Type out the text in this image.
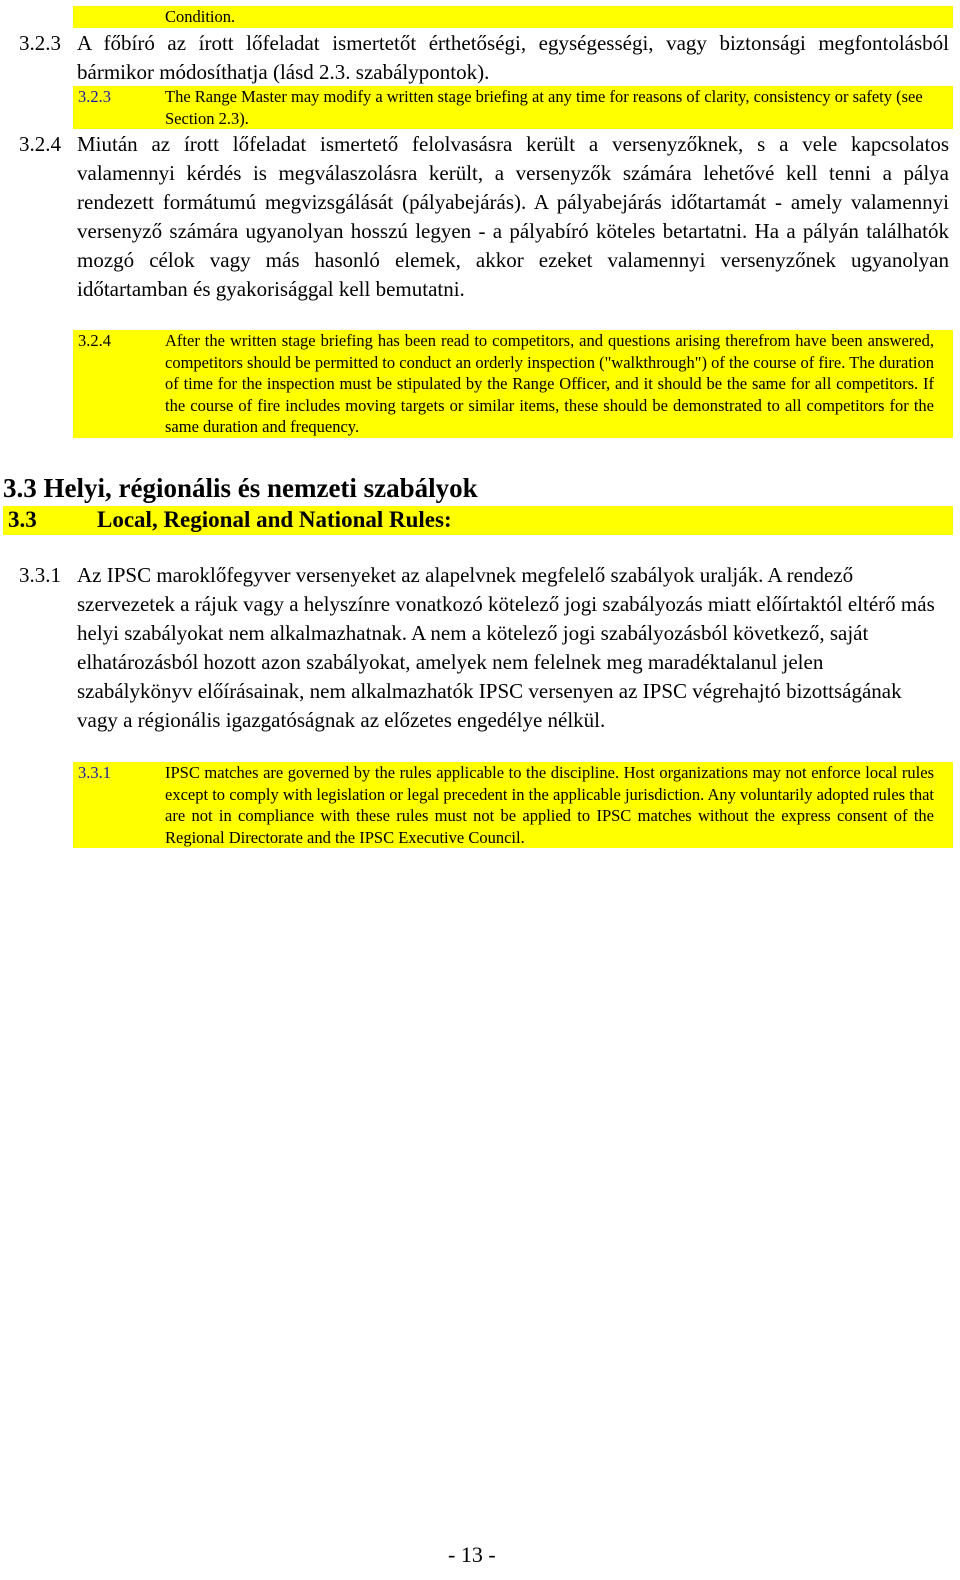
Condition.
3.2.3 A főbíró az írott lőfeladat ismertetőt érthetőségi, egységességi, vagy biztonsági megfontolásból bármikor módosíthatja (lásd 2.3. szabálypontok).
3.2.3	The Range Master may modify a written stage briefing at any time for reasons of clarity, consistency or safety (see Section 2.3).
3.2.4 Miután az írott lőfeladat ismertető felolvasásra került a versenyzőknek, s a vele kapcsolatos valamennyi kérdés is megválaszolásra került, a versenyzők számára lehetővé kell tenni a pálya rendezett formátumú megvizsgálását (pályabejárás). A pályabejárás időtartamát - amely valamennyi versenyző számára ugyanolyan hosszú legyen - a pályabíró köteles betartatni. Ha a pályán találhatók mozgó célok vagy más hasonló elemek, akkor ezeket valamennyi versenyzőnek ugyanolyan időtartamban és gyakorisággal kell bemutatni.
3.2.4	After the written stage briefing has been read to competitors, and questions arising therefrom have been answered, competitors should be permitted to conduct an orderly inspection ("walkthrough") of the course of fire. The duration of time for the inspection must be stipulated by the Range Officer, and it should be the same for all competitors. If the course of fire includes moving targets or similar items, these should be demonstrated to all competitors for the same duration and frequency.
3.3 Helyi, régionális és nemzeti szabályok
3.3	Local, Regional and National Rules:
3.3.1 Az IPSC maroklőfegyver versenyeket az alapelvnek megfelelő szabályok uralják. A rendező szervezetek a rájuk vagy a helyszínre vonatkozó kötelező jogi szabályozás miatt előírtaktól eltérő más helyi szabályokat nem alkalmazhatnak. A nem a kötelező jogi szabályozásból következő, saját elhatározásból hozott azon szabályokat, amelyek nem felelnek meg maradéktalanul jelen szabálykönyv előírásainak, nem alkalmazhatók IPSC versenyen az IPSC végrehajtó bizottságának vagy a régionális igazgatóságnak az előzetes engedélye nélkül.
3.3.1	IPSC matches are governed by the rules applicable to the discipline. Host organizations may not enforce local rules except to comply with legislation or legal precedent in the applicable jurisdiction. Any voluntarily adopted rules that are not in compliance with these rules must not be applied to IPSC matches without the express consent of the Regional Directorate and the IPSC Executive Council.
- 13 -
